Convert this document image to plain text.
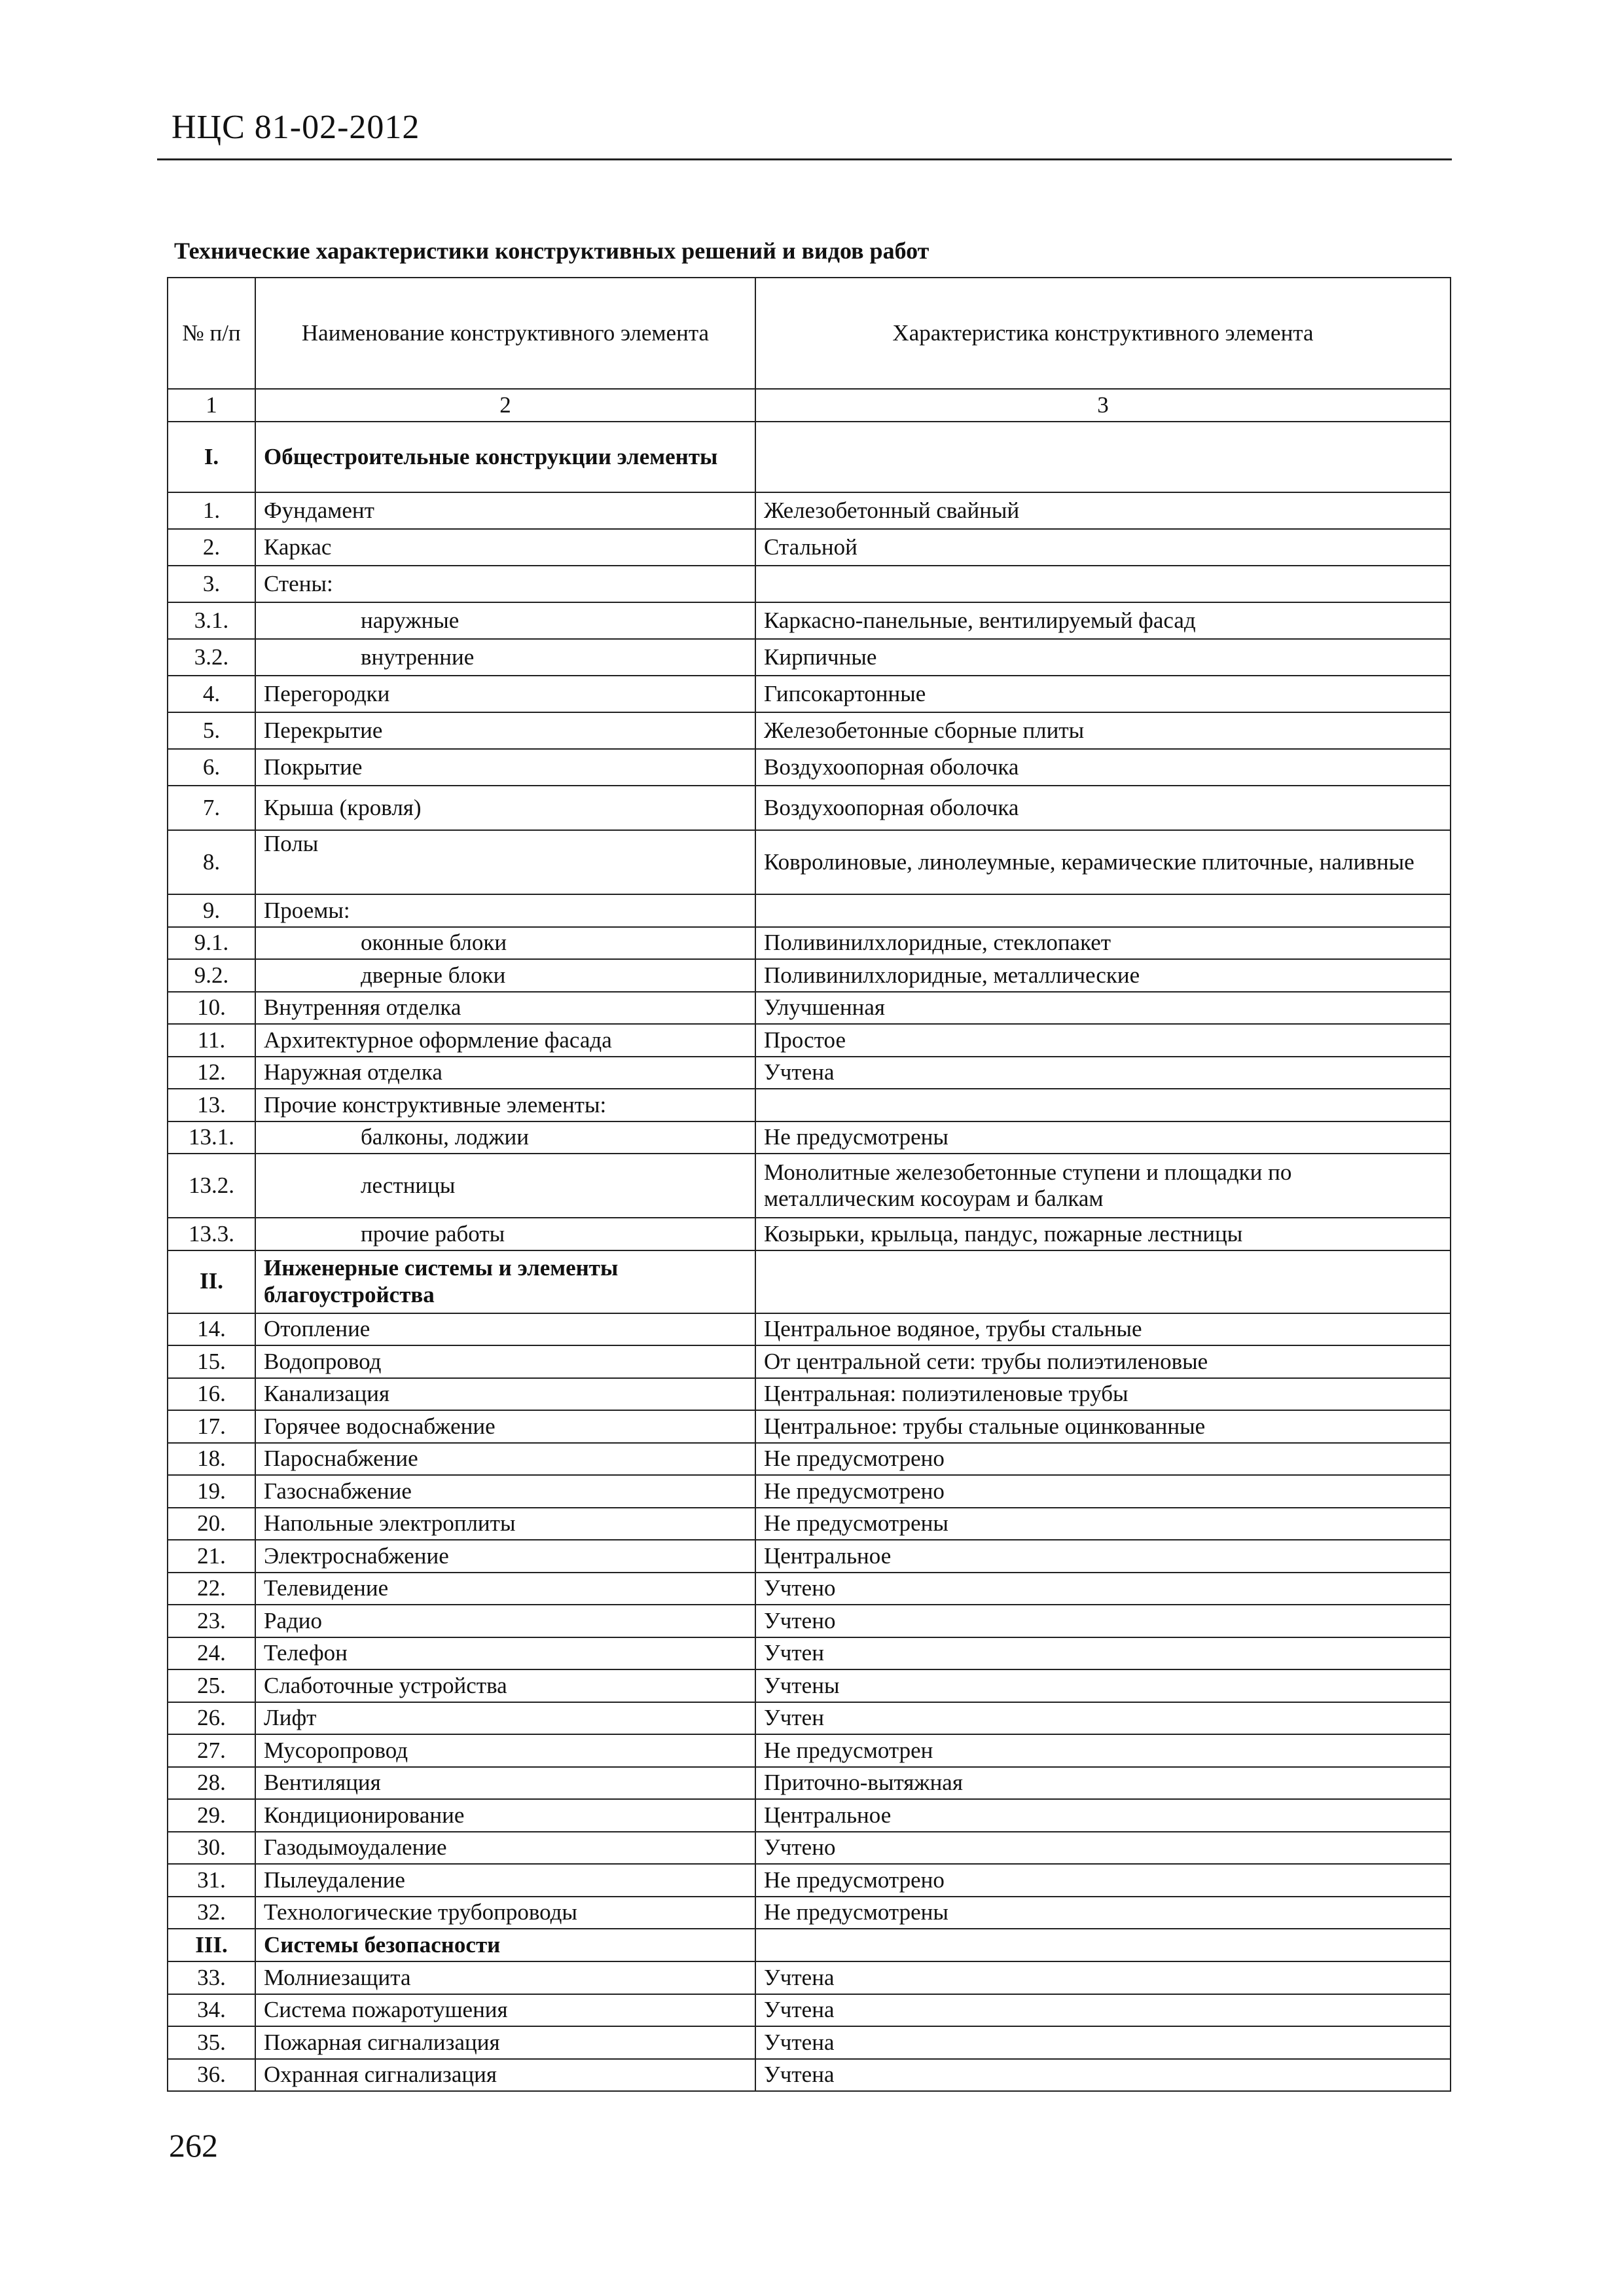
НЦС 81-02-2012
Технические характеристики конструктивных решений и видов работ
№ п/п	Наименование конструктивного элемента	Характеристика конструктивного элемента
1	2	3
I.	Общестроительные конструкции элементы	
1.	Фундамент	Железобетонный свайный
2.	Каркас	Стальной
3.	Стены:	
3.1.	наружные	Каркасно-панельные, вентилируемый фасад
3.2.	внутренние	Кирпичные
4.	Перегородки	Гипсокартонные
5.	Перекрытие	Железобетонные сборные плиты
6.	Покрытие	Воздухоопорная оболочка
7.	Крыша (кровля)	Воздухоопорная оболочка
8.	Полы	Ковролиновые, линолеумные, керамические плиточные, наливные
9.	Проемы:	
9.1.	оконные блоки	Поливинилхлоридные, стеклопакет
9.2.	дверные блоки	Поливинилхлоридные, металлические
10.	Внутренняя отделка	Улучшенная
11.	Архитектурное оформление фасада	Простое
12.	Наружная отделка	Учтена
13.	Прочие конструктивные элементы:	
13.1.	балконы, лоджии	Не предусмотрены
13.2.	лестницы	Монолитные железобетонные ступени и площадки по металлическим косоурам и балкам
13.3.	прочие работы	Козырьки, крыльца, пандус, пожарные лестницы
II.	Инженерные системы и элементы благоустройства	
14.	Отопление	Центральное водяное, трубы стальные
15.	Водопровод	От центральной сети: трубы полиэтиленовые
16.	Канализация	Центральная: полиэтиленовые трубы
17.	Горячее водоснабжение	Центральное: трубы стальные оцинкованные
18.	Пароснабжение	Не предусмотрено
19.	Газоснабжение	Не предусмотрено
20.	Напольные электроплиты	Не предусмотрены
21.	Электроснабжение	Центральное
22.	Телевидение	Учтено
23.	Радио	Учтено
24.	Телефон	Учтен
25.	Слаботочные устройства	Учтены
26.	Лифт	Учтен
27.	Мусоропровод	Не предусмотрен
28.	Вентиляция	Приточно-вытяжная
29.	Кондиционирование	Центральное
30.	Газодымоудаление	Учтено
31.	Пылеудаление	Не предусмотрено
32.	Технологические трубопроводы	Не предусмотрены
III.	Системы безопасности	
33.	Молниезащита	Учтена
34.	Система пожаротушения	Учтена
35.	Пожарная сигнализация	Учтена
36.	Охранная сигнализация	Учтена
262
